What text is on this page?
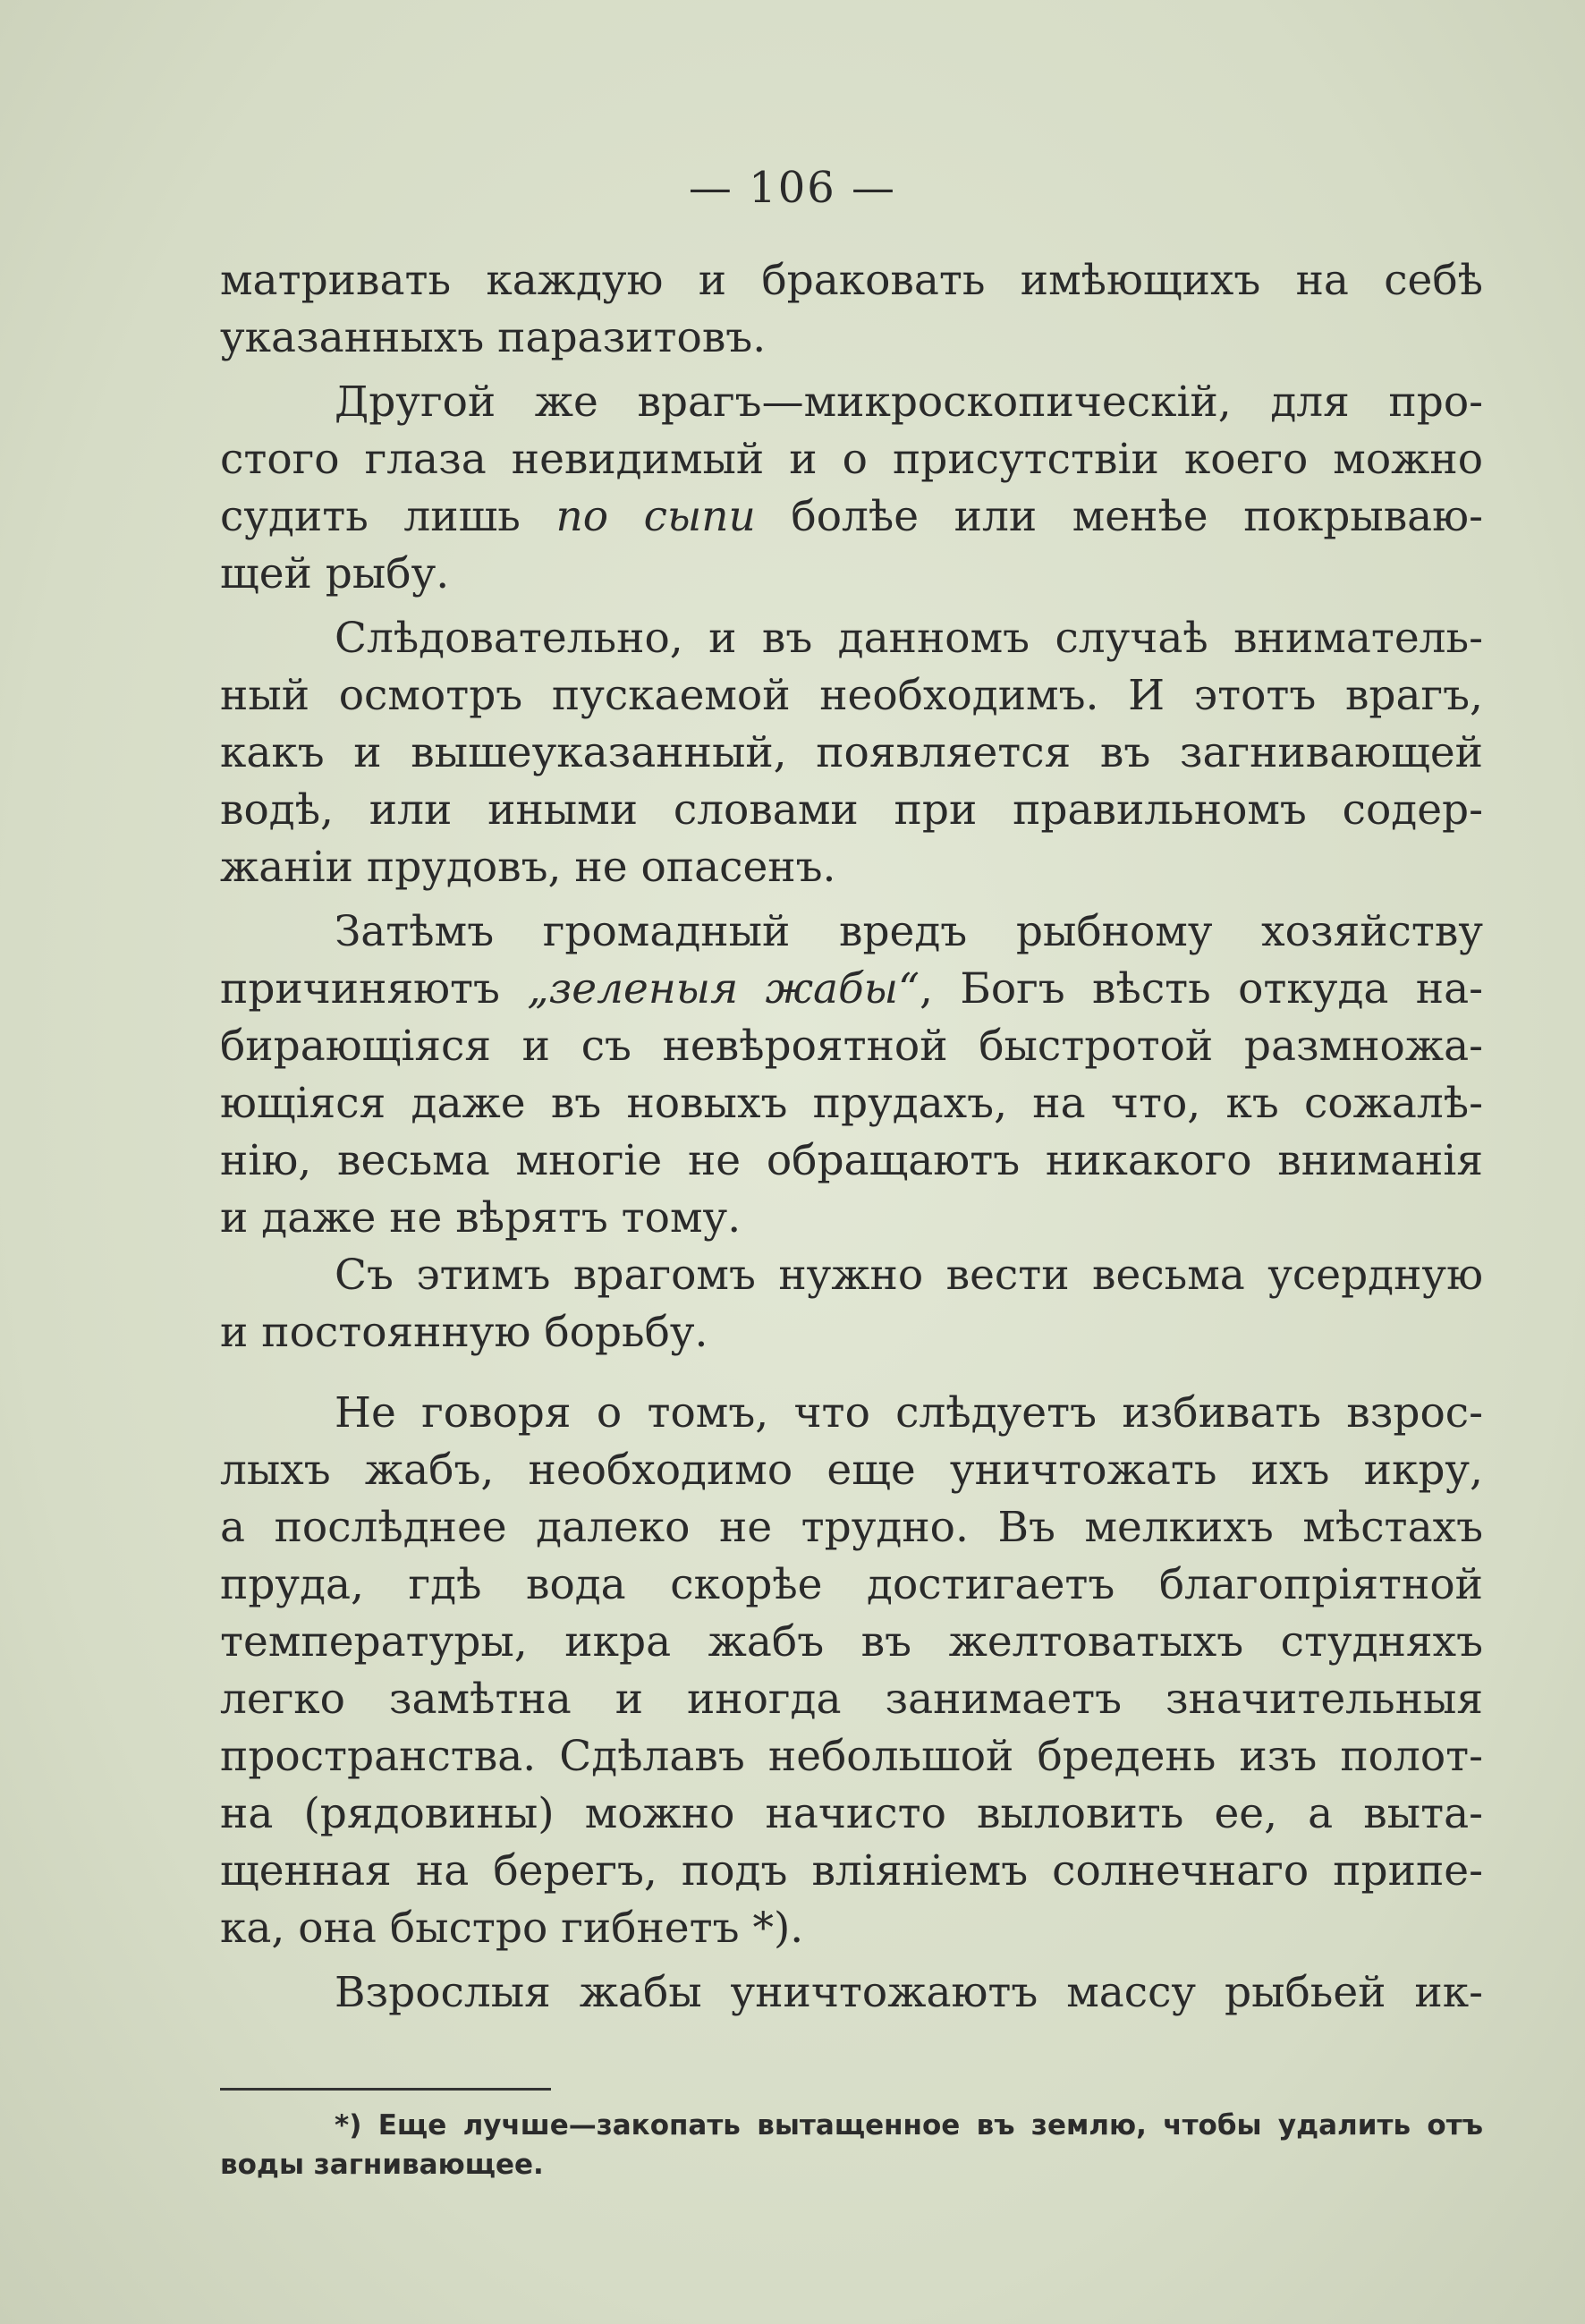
— 106 —
матривать каждую и браковать имѣющихъ на себѣ
указанныхъ паразитовъ.
Другой же врагъ—микроскопическій, для про-
стого глаза невидимый и о присутствіи коего можно
судить лишь по сыпи болѣе или менѣе покрываю-
щей рыбу.
Слѣдовательно, и въ данномъ случаѣ вниматель-
ный осмотръ пускаемой необходимъ. И этотъ врагъ,
какъ и вышеуказанный, появляется въ загнивающей
водѣ, или иными словами при правильномъ содер-
жаніи прудовъ, не опасенъ.
Затѣмъ громадный вредъ рыбному хозяйству
причиняютъ „зеленыя жабы“, Богъ вѣсть откуда на-
бирающіяся и съ невѣроятной быстротой размножа-
ющіяся даже въ новыхъ прудахъ, на что, къ сожалѣ-
нію, весьма многіе не обращаютъ никакого вниманія
и даже не вѣрятъ тому.
Съ этимъ врагомъ нужно вести весьма усердную
и постоянную борьбу.
Не говоря о томъ, что слѣдуетъ избивать взрос-
лыхъ жабъ, необходимо еще уничтожать ихъ икру,
а послѣднее далеко не трудно. Въ мелкихъ мѣстахъ
пруда, гдѣ вода скорѣе достигаетъ благопріятной
температуры, икра жабъ въ желтоватыхъ студняхъ
легко замѣтна и иногда занимаетъ значительныя
пространства. Сдѣлавъ небольшой бредень изъ полот-
на (рядовины) можно начисто выловить ее, а выта-
щенная на берегъ, подъ вліяніемъ солнечнаго припе-
ка, она быстро гибнетъ *).
Взрослыя жабы уничтожаютъ массу рыбьей ик-
*) Еще лучше—закопать вытащенное въ землю, чтобы удалить отъ
воды загнивающее.
